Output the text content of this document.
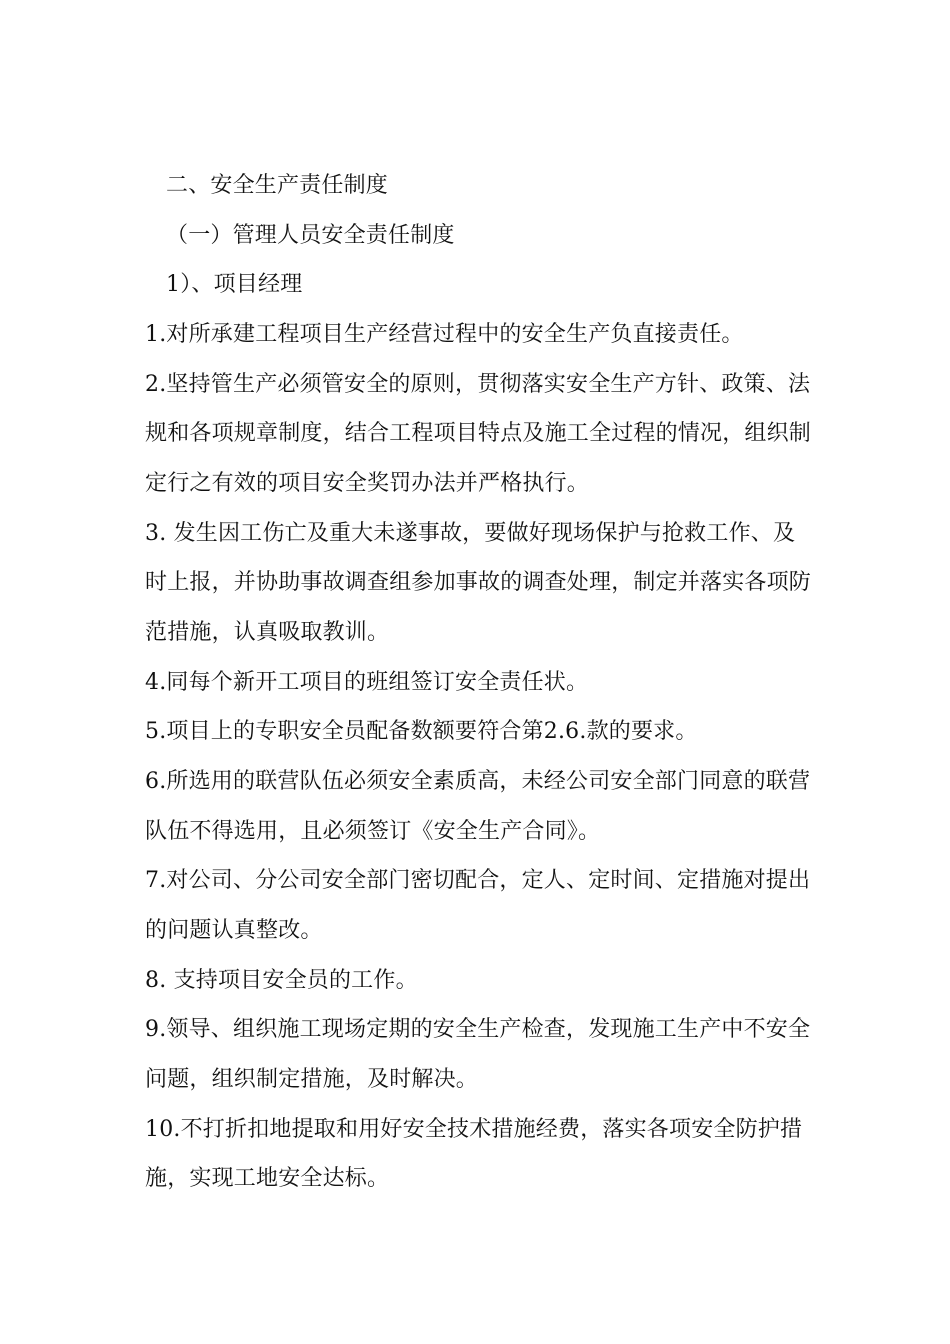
二、安全生产责任制度
（一）管理人员安全责任制度
1）、项目经理
1.对所承建工程项目生产经营过程中的安全生产负直接责任。
2.坚持管生产必须管安全的原则，贯彻落实安全生产方针、政策、法
规和各项规章制度，结合工程项目特点及施工全过程的情况，组织制
定行之有效的项目安全奖罚办法并严格执行。
3. 发生因工伤亡及重大未遂事故，要做好现场保护与抢救工作、及
时上报，并协助事故调查组参加事故的调查处理，制定并落实各项防
范措施，认真吸取教训。
4.同每个新开工项目的班组签订安全责任状。
5.项目上的专职安全员配备数额要符合第2.6.款的要求。
6.所选用的联营队伍必须安全素质高，未经公司安全部门同意的联营
队伍不得选用，且必须签订《安全生产合同》。
7.对公司、分公司安全部门密切配合，定人、定时间、定措施对提出
的问题认真整改。
8. 支持项目安全员的工作。
9.领导、组织施工现场定期的安全生产检查，发现施工生产中不安全
问题，组织制定措施，及时解决。
10.不打折扣地提取和用好安全技术措施经费，落实各项安全防护措
施，实现工地安全达标。
